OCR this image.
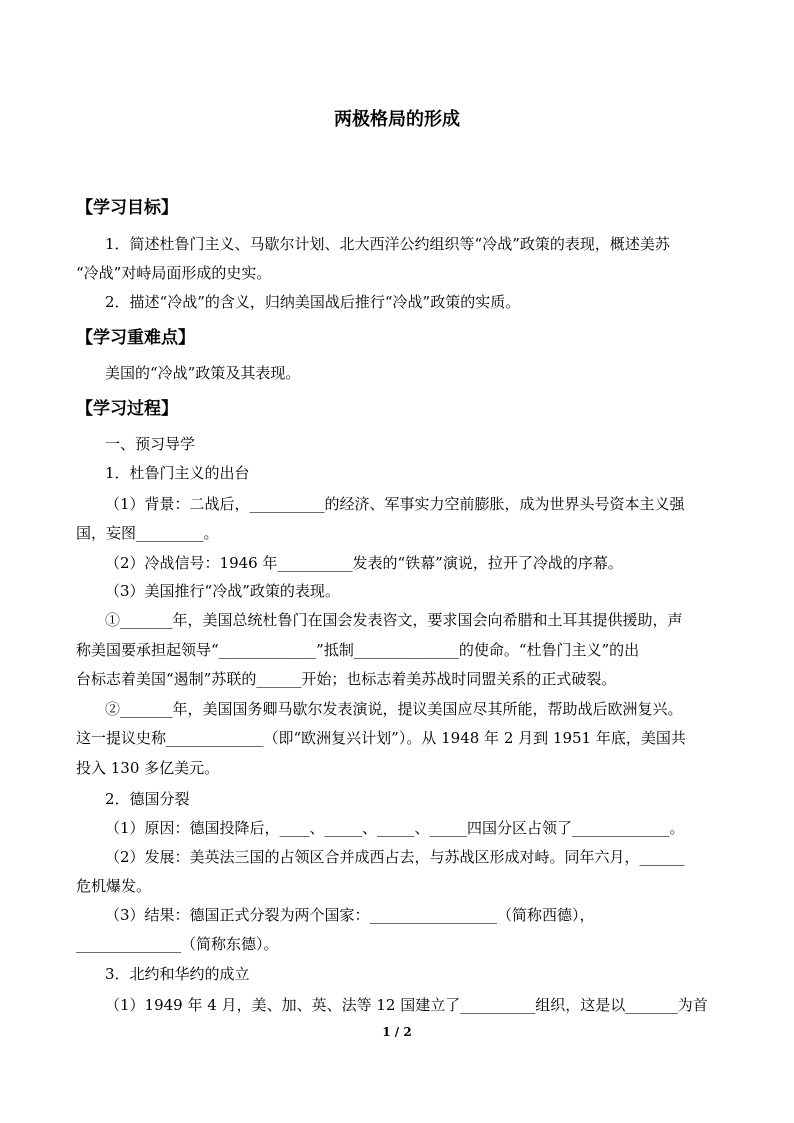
两极格局的形成
【学习目标】
1．简述杜鲁门主义、马歇尔计划、北大西洋公约组织等“冷战”政策的表现，概述美苏
“冷战”对峙局面形成的史实。
2．描述“冷战”的含义，归纳美国战后推行“冷战”政策的实质。
【学习重难点】
美国的“冷战”政策及其表现。
【学习过程】
一、预习导学
1．杜鲁门主义的出台
（1）背景：二战后，__________的经济、军事实力空前膨胀，成为世界头号资本主义强
国，妄图_________。
（2）冷战信号：1946 年__________发表的“铁幕”演说，拉开了冷战的序幕。
（3）美国推行“冷战”政策的表现。
①_______年，美国总统杜鲁门在国会发表咨文，要求国会向希腊和土耳其提供援助，声
称美国要承担起领导“_____________”抵制______________的使命。“杜鲁门主义”的出
台标志着美国“遏制”苏联的______开始；也标志着美苏战时同盟关系的正式破裂。
②_______年，美国国务卿马歇尔发表演说，提议美国应尽其所能，帮助战后欧洲复兴。
这一提议史称_____________（即“欧洲复兴计划”）。从 1948 年 2 月到 1951 年底，美国共
投入 130 多亿美元。
2．德国分裂
（1）原因：德国投降后，____、_____、_____、_____四国分区占领了_____________。
（2）发展：美英法三国的占领区合并成西占去，与苏战区形成对峙。同年六月，______
危机爆发。
（3）结果：德国正式分裂为两个国家：_________________（简称西德），
______________（简称东德）。
3．北约和华约的成立
（1）1949 年 4 月，美、加、英、法等 12 国建立了__________组织，这是以_______为首
1 / 2
